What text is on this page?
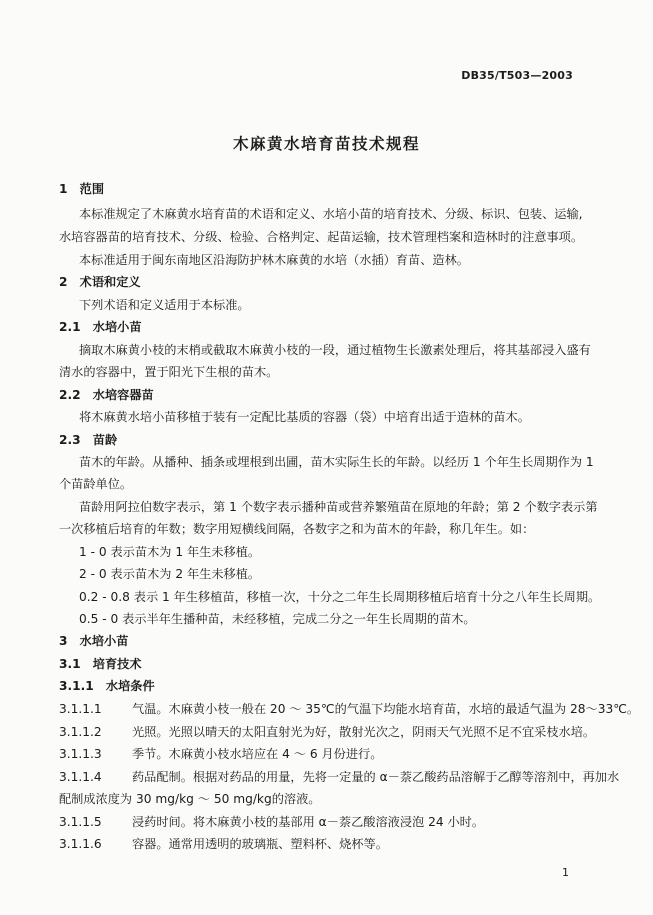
DB35/T503—2003
木麻黄水培育苗技术规程
1　范围
本标准规定了木麻黄水培育苗的术语和定义、水培小苗的培育技术、分级、标识、包装、运输,
水培容器苗的培育技术、分级、检验、合格判定、起苗运输，技术管理档案和造林时的注意事项。
本标准适用于闽东南地区沿海防护林木麻黄的水培（水插）育苗、造林。
2　术语和定义
下列术语和定义适用于本标准。
2.1　水培小苗
摘取木麻黄小枝的末梢或截取木麻黄小枝的一段，通过植物生长激素处理后，将其基部浸入盛有
清水的容器中，置于阳光下生根的苗木。
2.2　水培容器苗
将木麻黄水培小苗移植于装有一定配比基质的容器（袋）中培育出适于造林的苗木。
2.3　苗龄
苗木的年龄。从播种、插条或埋根到出圃，苗木实际生长的年龄。以经历 1 个年生长周期作为 1
个苗龄单位。
苗龄用阿拉伯数字表示，第 1 个数字表示播种苗或营养繁殖苗在原地的年龄；第 2 个数字表示第
一次移植后培育的年数；数字用短横线间隔，各数字之和为苗木的年龄，称几年生。如：
1 - 0 表示苗木为 1 年生未移植。
2 - 0 表示苗木为 2 年生未移植。
0.2 - 0.8 表示 1 年生移植苗，移植一次，十分之二年生长周期移植后培育十分之八年生长周期。
0.5 - 0 表示半年生播种苗，未经移植，完成二分之一年生长周期的苗木。
3　水培小苗
3.1　培育技术
3.1.1　水培条件
3.1.1.1 气温。木麻黄小枝一般在 20 ～ 35℃的气温下均能水培育苗，水培的最适气温为 28～33℃。
3.1.1.2 光照。光照以晴天的太阳直射光为好，散射光次之，阴雨天气光照不足不宜采枝水培。
3.1.1.3 季节。木麻黄小枝水培应在 4 ～ 6 月份进行。
3.1.1.4 药品配制。根据对药品的用量，先将一定量的 α－萘乙酸药品溶解于乙醇等溶剂中，再加水
配制成浓度为 30 mg/kg ～ 50 mg/kg的溶液。
3.1.1.5 浸药时间。将木麻黄小枝的基部用 α－萘乙酸溶液浸泡 24 小时。
3.1.1.6 容器。通常用透明的玻璃瓶、塑料杯、烧杯等。
1
